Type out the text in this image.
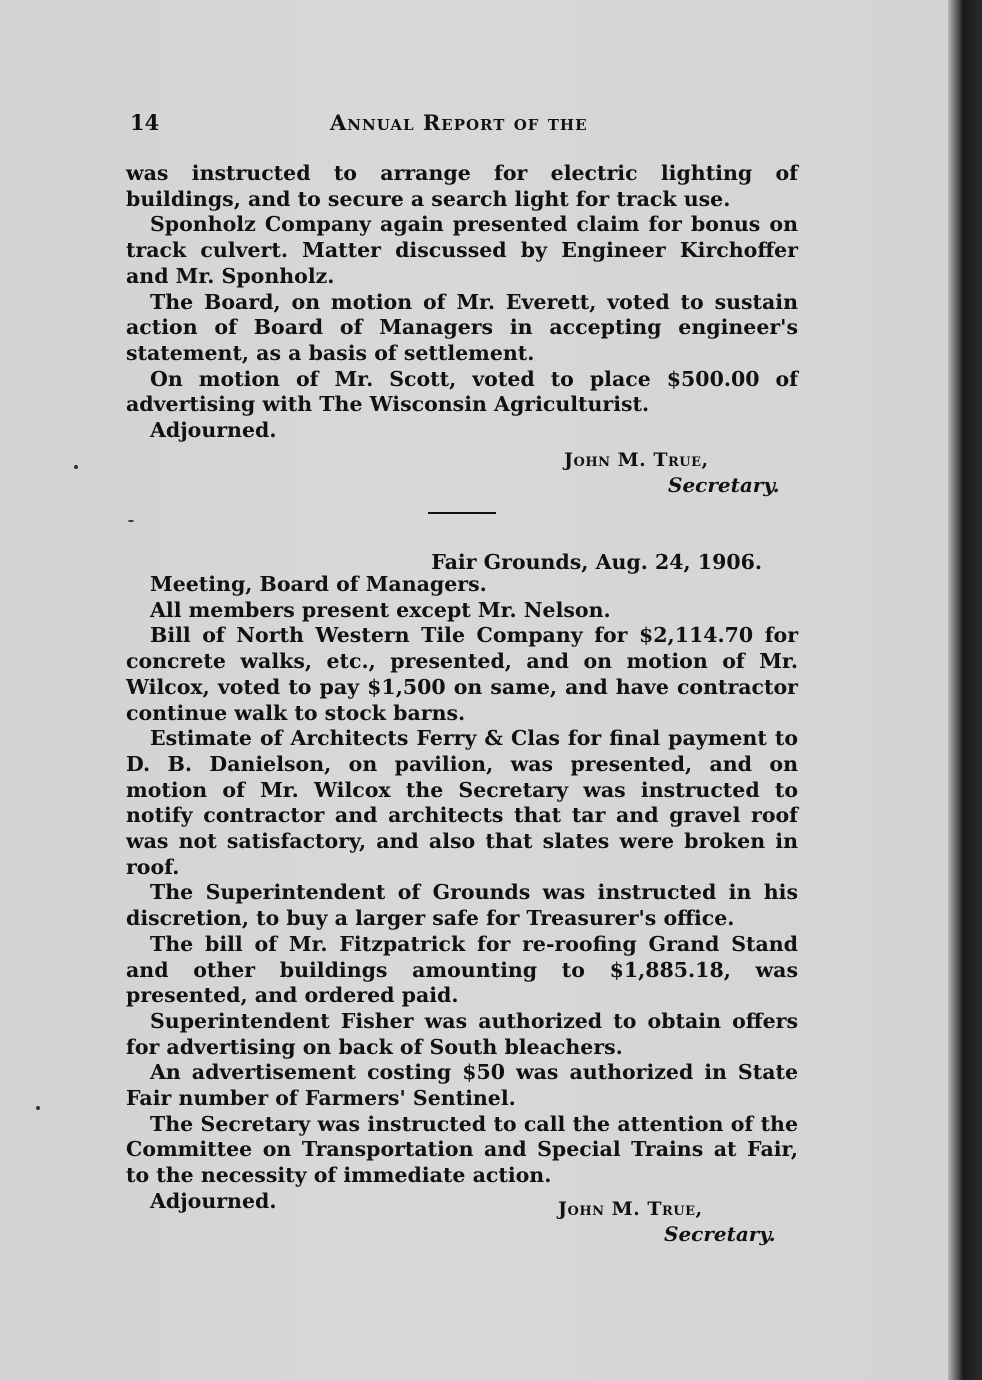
14	Annual Report of the

was instructed to arrange for electric lighting of buildings, and to secure a search light for track use.

Sponholz Company again presented claim for bonus on track culvert. Matter discussed by Engineer Kirchoffer and Mr. Sponholz.

The Board, on motion of Mr. Everett, voted to sustain action of Board of Managers in accepting engineer's statement, as a basis of settlement.

On motion of Mr. Scott, voted to place $500.00 of advertising with The Wisconsin Agriculturist.

Adjourned.

John M. True,
Secretary.
Fair Grounds, Aug. 24, 1906.

Meeting, Board of Managers.

All members present except Mr. Nelson.

Bill of North Western Tile Company for $2,114.70 for concrete walks, etc., presented, and on motion of Mr. Wilcox, voted to pay $1,500 on same, and have contractor continue walk to stock barns.

Estimate of Architects Ferry & Clas for final payment to D. B. Danielson, on pavilion, was presented, and on motion of Mr. Wilcox the Secretary was instructed to notify contractor and architects that tar and gravel roof was not satisfactory, and also that slates were broken in roof.

The Superintendent of Grounds was instructed in his discretion, to buy a larger safe for Treasurer's office.

The bill of Mr. Fitzpatrick for re-roofing Grand Stand and other buildings amounting to $1,885.18, was presented, and ordered paid.

Superintendent Fisher was authorized to obtain offers for advertising on back of South bleachers.

An advertisement costing $50 was authorized in State Fair number of Farmers' Sentinel.

The Secretary was instructed to call the attention of the Committee on Transportation and Special Trains at Fair, to the necessity of immediate action.

Adjourned.	John M. True,
Secretary.
